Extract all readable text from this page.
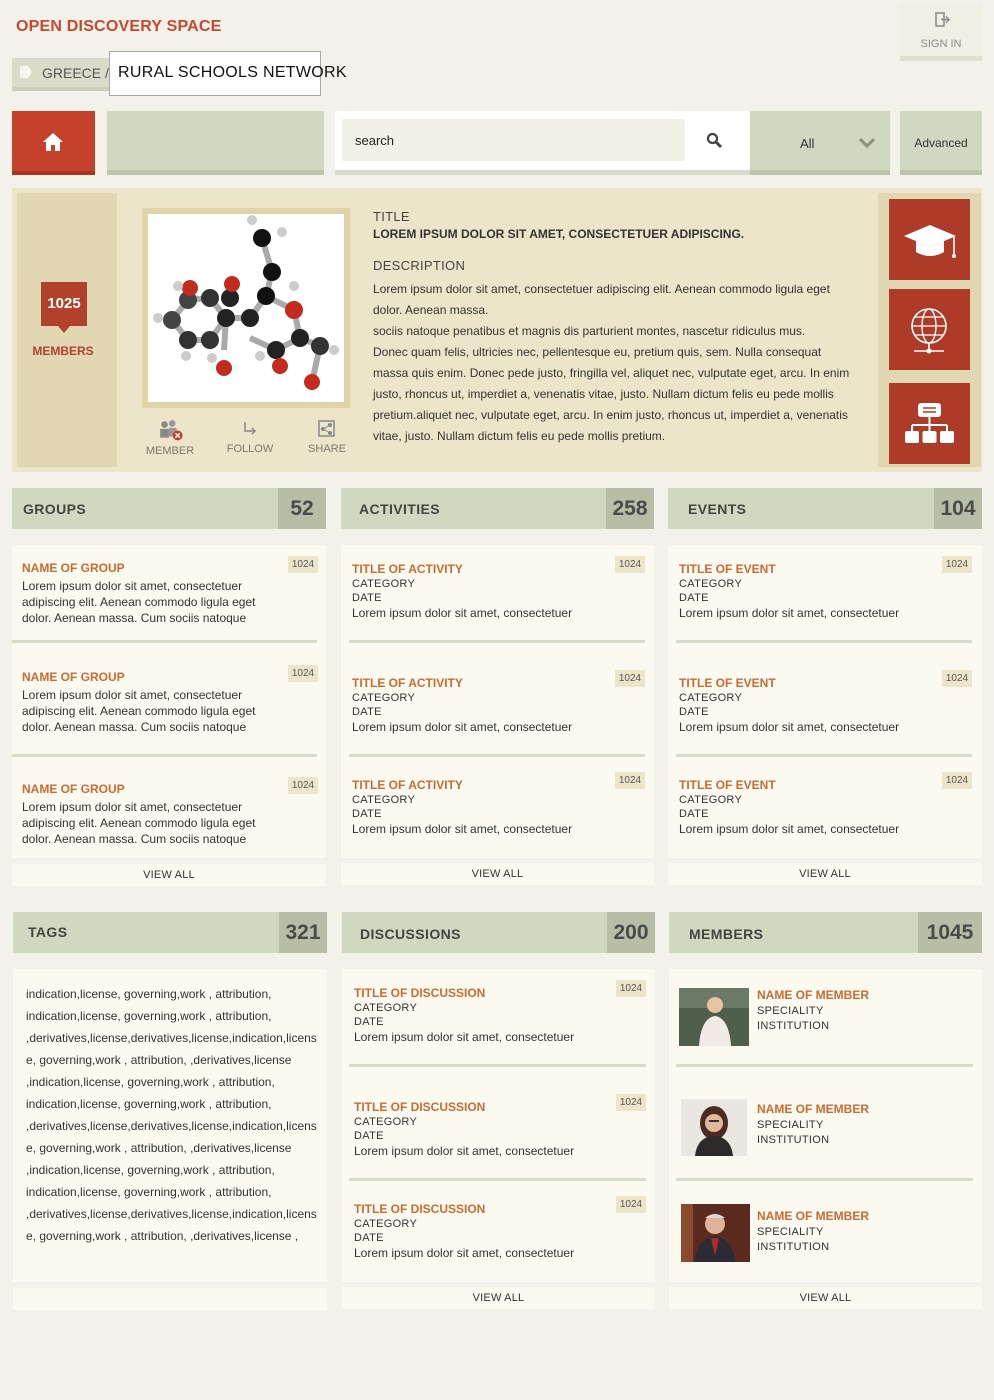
OPEN DISCOVERY SPACE
SIGN IN
GREECE / RURAL SCHOOLS NETWORK
search
All	Advanced
1025
MEMBERS
MEMBER	FOLLOW	SHARE
TITLE
LOREM IPSUM DOLOR SIT AMET, CONSECTETUER ADIPISCING.
DESCRIPTION
Lorem ipsum dolor sit amet, consectetuer adipiscing elit. Aenean commodo ligula eget
dolor. Aenean massa.
sociis natoque penatibus et magnis dis parturient montes, nascetur ridiculus mus.
Donec quam felis, ultricies nec, pellentesque eu, pretium quis, sem. Nulla consequat
massa quis enim. Donec pede justo, fringilla vel, aliquet nec, vulputate eget, arcu. In enim
justo, rhoncus ut, imperdiet a, venenatis vitae, justo. Nullam dictum felis eu pede mollis
pretium.aliquet nec, vulputate eget, arcu. In enim justo, rhoncus ut, imperdiet a, venenatis
vitae, justo. Nullam dictum felis eu pede mollis pretium.
GROUPS	52
NAME OF GROUP
Lorem ipsum dolor sit amet, consectetuer
adipiscing elit. Aenean commodo ligula eget
dolor. Aenean massa. Cum sociis natoque
1024
NAME OF GROUP
Lorem ipsum dolor sit amet, consectetuer
adipiscing elit. Aenean commodo ligula eget
dolor. Aenean massa. Cum sociis natoque
1024
NAME OF GROUP
Lorem ipsum dolor sit amet, consectetuer
adipiscing elit. Aenean commodo ligula eget
dolor. Aenean massa. Cum sociis natoque
1024
VIEW ALL
ACTIVITIES	258
TITLE OF ACTIVITY
CATEGORY
DATE
Lorem ipsum dolor sit amet, consectetuer
1024
TITLE OF ACTIVITY
CATEGORY
DATE
Lorem ipsum dolor sit amet, consectetuer
1024
TITLE OF ACTIVITY
CATEGORY
DATE
Lorem ipsum dolor sit amet, consectetuer
1024
VIEW ALL
EVENTS	104
TITLE OF EVENT
CATEGORY
DATE
Lorem ipsum dolor sit amet, consectetuer
1024
TITLE OF EVENT
CATEGORY
DATE
Lorem ipsum dolor sit amet, consectetuer
1024
TITLE OF EVENT
CATEGORY
DATE
Lorem ipsum dolor sit amet, consectetuer
1024
VIEW ALL
TAGS	321
indication,license, governing,work , attribution,
indication,license, governing,work , attribution,
,derivatives,license,derivatives,license,indication,licens
e, governing,work , attribution, ,derivatives,license
,indication,license, governing,work , attribution,
indication,license, governing,work , attribution,
,derivatives,license,derivatives,license,indication,licens
e, governing,work , attribution, ,derivatives,license
,indication,license, governing,work , attribution,
indication,license, governing,work , attribution,
,derivatives,license,derivatives,license,indication,licens
e, governing,work , attribution, ,derivatives,license ,
DISCUSSIONS	200
TITLE OF DISCUSSION
CATEGORY
DATE
Lorem ipsum dolor sit amet, consectetuer
1024
TITLE OF DISCUSSION
CATEGORY
DATE
Lorem ipsum dolor sit amet, consectetuer
1024
TITLE OF DISCUSSION
CATEGORY
DATE
Lorem ipsum dolor sit amet, consectetuer
1024
VIEW ALL
MEMBERS	1045
NAME OF MEMBER
SPECIALITY
INSTITUTION
NAME OF MEMBER
SPECIALITY
INSTITUTION
NAME OF MEMBER
SPECIALITY
INSTITUTION
VIEW ALL
